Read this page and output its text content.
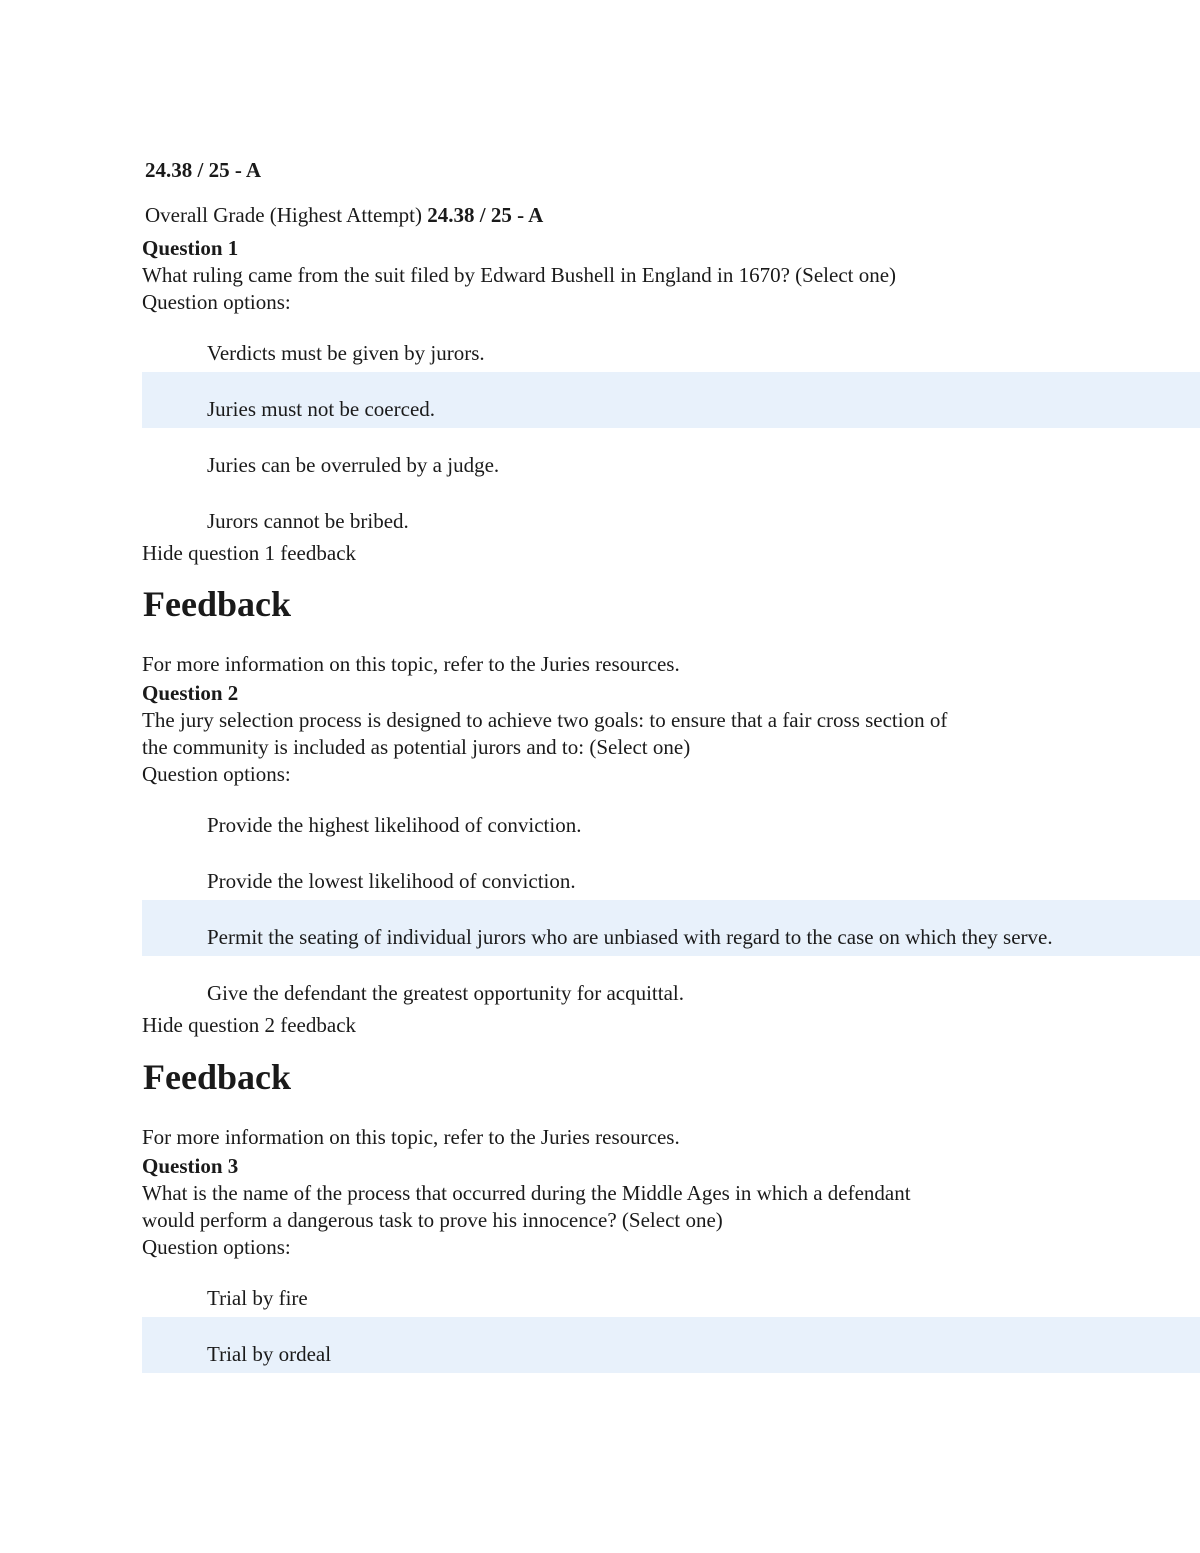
24.38 / 25 - A
Overall Grade (Highest Attempt) 24.38 / 25 - A
Question 1
What ruling came from the suit filed by Edward Bushell in England in 1670? (Select one)
Question options:
Verdicts must be given by jurors.
Juries must not be coerced.
Juries can be overruled by a judge.
Jurors cannot be bribed.
Hide question 1 feedback
Feedback
For more information on this topic, refer to the Juries resources.
Question 2
The jury selection process is designed to achieve two goals: to ensure that a fair cross section of
the community is included as potential jurors and to: (Select one)
Question options:
Provide the highest likelihood of conviction.
Provide the lowest likelihood of conviction.
Permit the seating of individual jurors who are unbiased with regard to the case on which they serve.
Give the defendant the greatest opportunity for acquittal.
Hide question 2 feedback
Feedback
For more information on this topic, refer to the Juries resources.
Question 3
What is the name of the process that occurred during the Middle Ages in which a defendant
would perform a dangerous task to prove his innocence? (Select one)
Question options:
Trial by fire
Trial by ordeal
